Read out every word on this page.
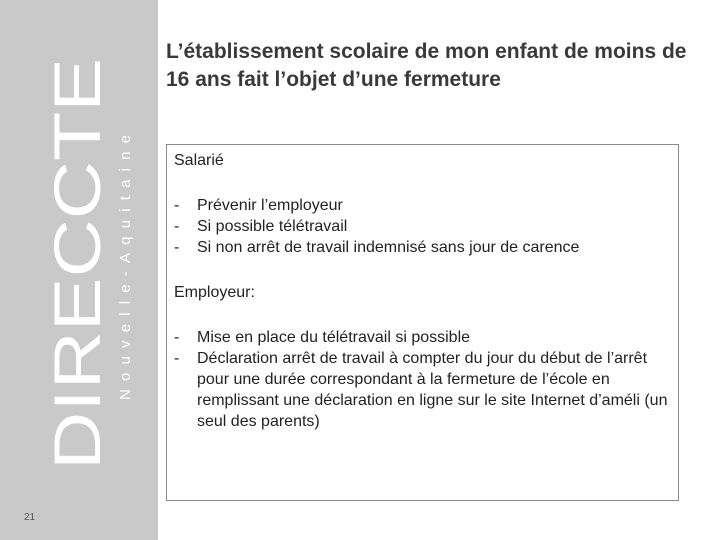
DIRECCTE Nouvelle-Aquitaine
21
L’établissement scolaire de mon enfant de moins de 16 ans fait l’objet d’une fermeture

Salarié

- Prévenir l’employeur
- Si possible télétravail
- Si non arrêt de travail indemnisé sans jour de carence

Employeur:

- Mise en place du télétravail si possible
- Déclaration arrêt de travail à compter du jour du début de l’arrêt pour une durée correspondant à la fermeture de l’école en remplissant une déclaration en ligne sur le site Internet d’améli (un seul des parents)
